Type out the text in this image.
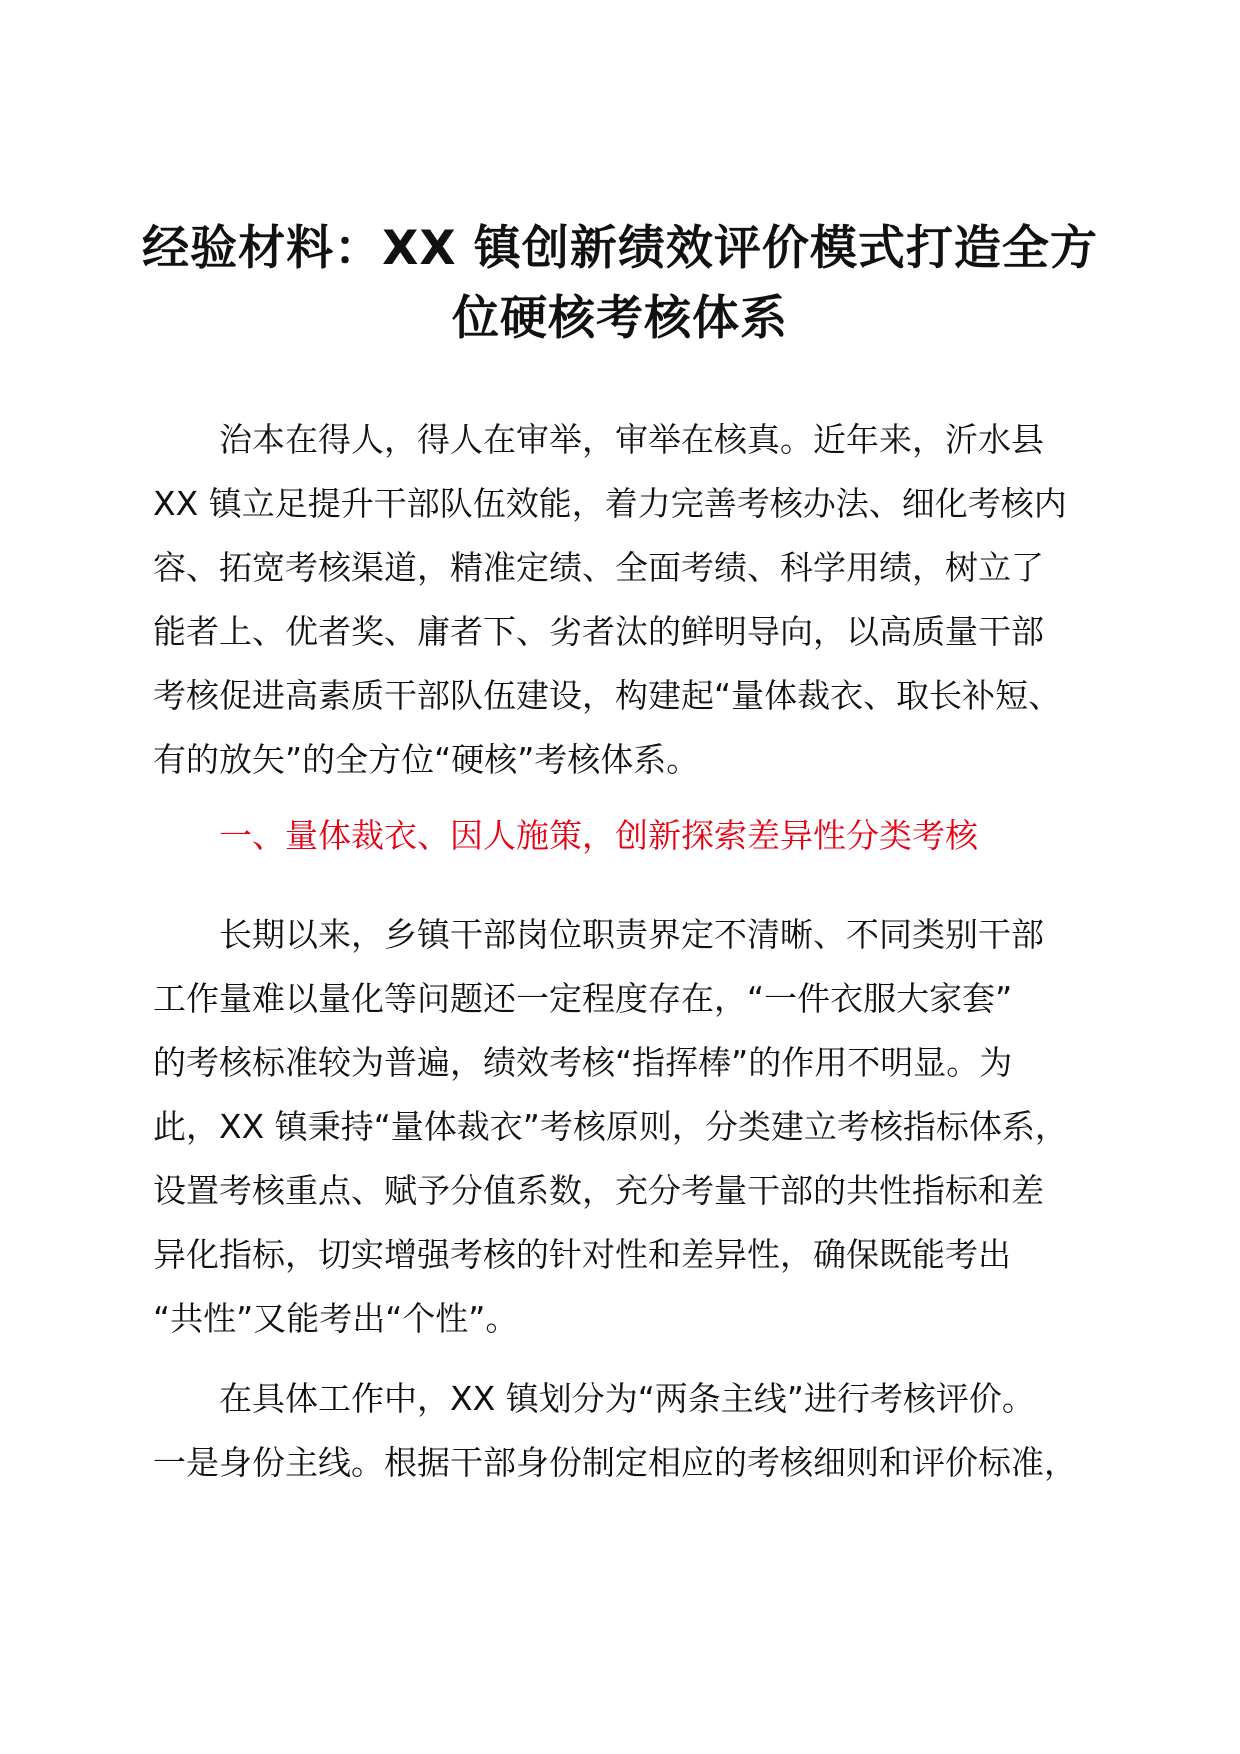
经验材料：XX 镇创新绩效评价模式打造全方
位硬核考核体系
治本在得人，得人在审举，审举在核真。近年来，沂水县
XX 镇立足提升干部队伍效能，着力完善考核办法、细化考核内
容、拓宽考核渠道，精准定绩、全面考绩、科学用绩，树立了
能者上、优者奖、庸者下、劣者汰的鲜明导向，以高质量干部
考核促进高素质干部队伍建设，构建起“量体裁衣、取长补短、
有的放矢”的全方位“硬核”考核体系。
一、量体裁衣、因人施策，创新探索差异性分类考核
长期以来，乡镇干部岗位职责界定不清晰、不同类别干部
工作量难以量化等问题还一定程度存在，“一件衣服大家套”
的考核标准较为普遍，绩效考核“指挥棒”的作用不明显。为
此，XX 镇秉持“量体裁衣”考核原则，分类建立考核指标体系，
设置考核重点、赋予分值系数，充分考量干部的共性指标和差
异化指标，切实增强考核的针对性和差异性，确保既能考出
“共性”又能考出“个性”。
在具体工作中，XX 镇划分为“两条主线”进行考核评价。
一是身份主线。根据干部身份制定相应的考核细则和评价标准，
